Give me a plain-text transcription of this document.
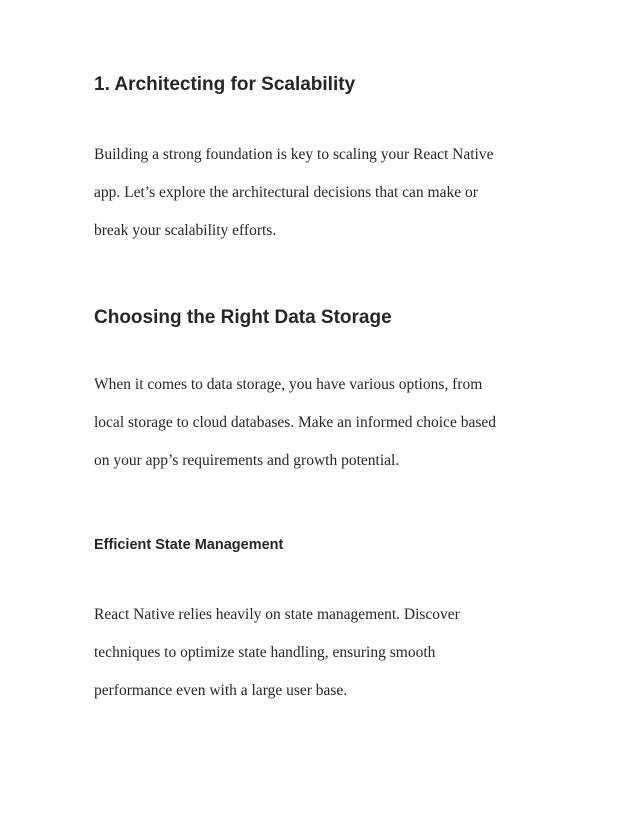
1. Architecting for Scalability
Building a strong foundation is key to scaling your React Native
app. Let’s explore the architectural decisions that can make or
break your scalability efforts.
Choosing the Right Data Storage
When it comes to data storage, you have various options, from
local storage to cloud databases. Make an informed choice based
on your app’s requirements and growth potential.
Efficient State Management
React Native relies heavily on state management. Discover
techniques to optimize state handling, ensuring smooth
performance even with a large user base.
